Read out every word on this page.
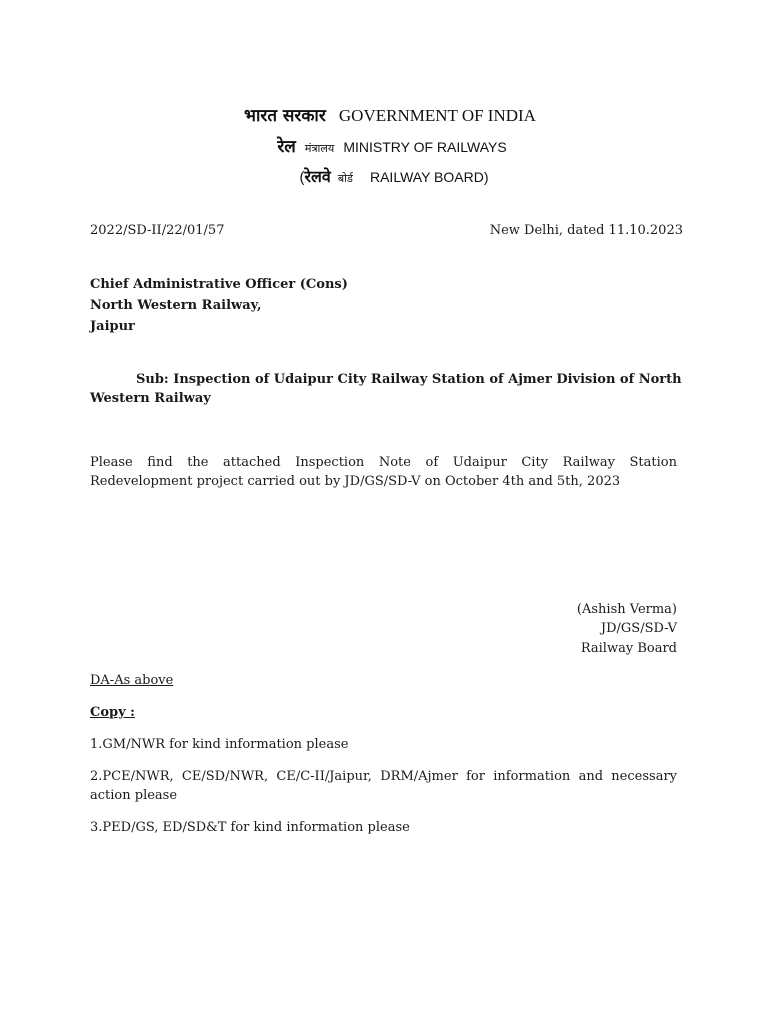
भारत सरकार GOVERNMENT OF INDIA
रेल मंत्रालय MINISTRY OF RAILWAYS
(रेलवे बोर्ड RAILWAY BOARD)
2022/SD-II/22/01/57	New Delhi, dated 11.10.2023
Chief Administrative Officer (Cons)
North Western Railway,
Jaipur
Sub: Inspection of Udaipur City Railway Station of Ajmer Division of North
Western Railway
Please find the attached Inspection Note of Udaipur City Railway Station Redevelopment project carried out by JD/GS/SD-V on October 4th and 5th, 2023
(Ashish Verma)
JD/GS/SD-V
Railway Board
DA-As above
Copy :
1.GM/NWR for kind information please
2.PCE/NWR, CE/SD/NWR, CE/C-II/Jaipur, DRM/Ajmer for information and necessary action please
3.PED/GS, ED/SD&T for kind information please
